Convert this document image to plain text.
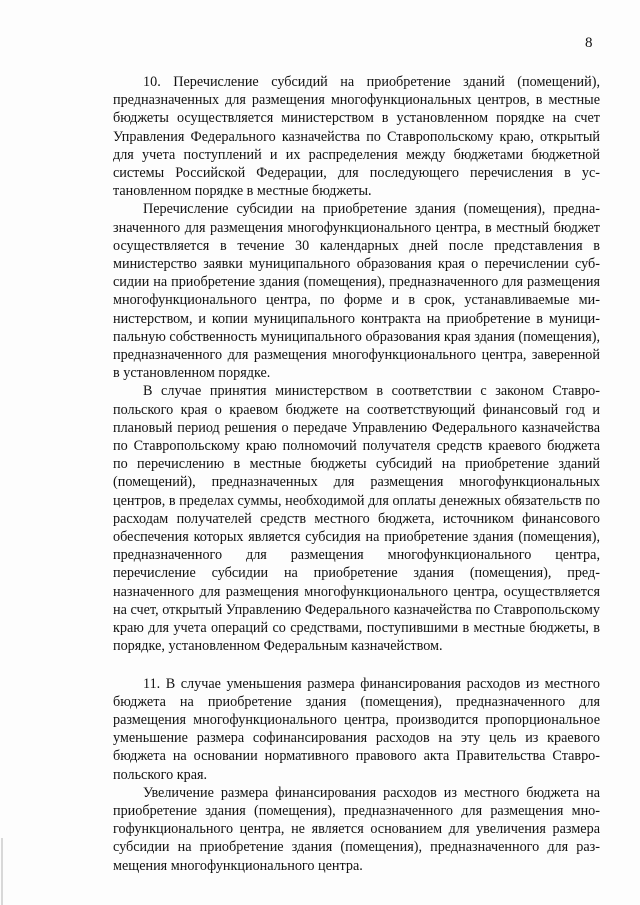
8

10. Перечисление субсидий на приобретение зданий (помещений), предназначенных для размещения многофункциональных центров, в местные бюджеты осуществляется министерством в установленном порядке на счет Управления Федерального казначейства по Ставропольскому краю, открытый для учета поступлений и их распределения между бюджетами бюджетной системы Российской Федерации, для последующего перечисления в установленном порядке в местные бюджеты.

Перечисление субсидии на приобретение здания (помещения), предназначенного для размещения многофункционального центра, в местный бюджет осуществляется в течение 30 календарных дней после представления в министерство заявки муниципального образования края о перечислении субсидии на приобретение здания (помещения), предназначенного для размещения многофункционального центра, по форме и в срок, устанавливаемые министерством, и копии муниципального контракта на приобретение в муниципальную собственность муниципального образования края здания (помещения), предназначенного для размещения многофункционального центра, заверенной в установленном порядке.

В случае принятия министерством в соответствии с законом Ставропольского края о краевом бюджете на соответствующий финансовый год и плановый период решения о передаче Управлению Федерального казначейства по Ставропольскому краю полномочий получателя средств краевого бюджета по перечислению в местные бюджеты субсидий на приобретение зданий (помещений), предназначенных для размещения многофункциональных центров, в пределах суммы, необходимой для оплаты денежных обязательств по расходам получателей средств местного бюджета, источником финансового обеспечения которых является субсидия на приобретение здания (помещения), предназначенного для размещения многофункционального центра, перечисление субсидии на приобретение здания (помещения), предназначенного для размещения многофункционального центра, осуществляется на счет, открытый Управлению Федерального казначейства по Ставропольскому краю для учета операций со средствами, поступившими в местные бюджеты, в порядке, установленном Федеральным казначейством.

11. В случае уменьшения размера финансирования расходов из местного бюджета на приобретение здания (помещения), предназначенного для размещения многофункционального центра, производится пропорциональное уменьшение размера софинансирования расходов на эту цель из краевого бюджета на основании нормативного правового акта Правительства Ставропольского края.

Увеличение размера финансирования расходов из местного бюджета на приобретение здания (помещения), предназначенного для размещения многофункционального центра, не является основанием для увеличения размера субсидии на приобретение здания (помещения), предназначенного для размещения многофункционального центра.
